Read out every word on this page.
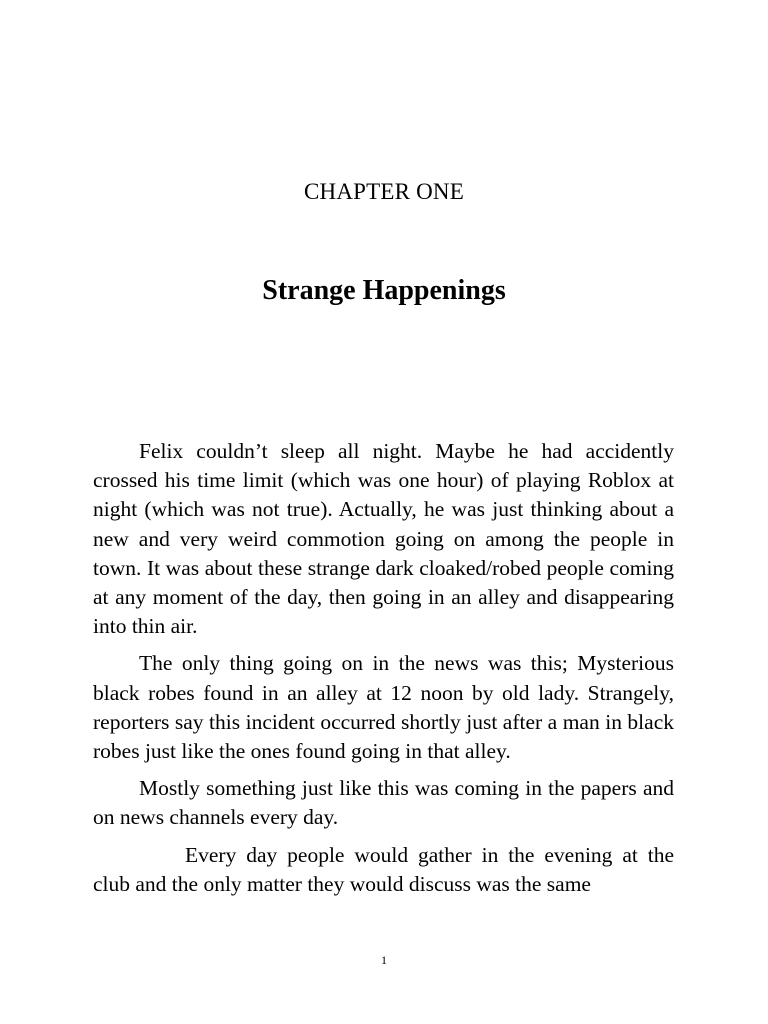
CHAPTER ONE
Strange Happenings

Felix couldn’t sleep all night. Maybe he had accidently crossed his time limit (which was one hour) of playing Roblox at night (which was not true). Actually, he was just thinking about a new and very weird commotion going on among the people in town. It was about these strange dark cloaked/robed people coming at any moment of the day, then going in an alley and disappearing into thin air.

The only thing going on in the news was this; Mysterious black robes found in an alley at 12 noon by old lady. Strangely, reporters say this incident occurred shortly just after a man in black robes just like the ones found going in that alley.

Mostly something just like this was coming in the papers and on news channels every day.

Every day people would gather in the evening at the club and the only matter they would discuss was the same

1
